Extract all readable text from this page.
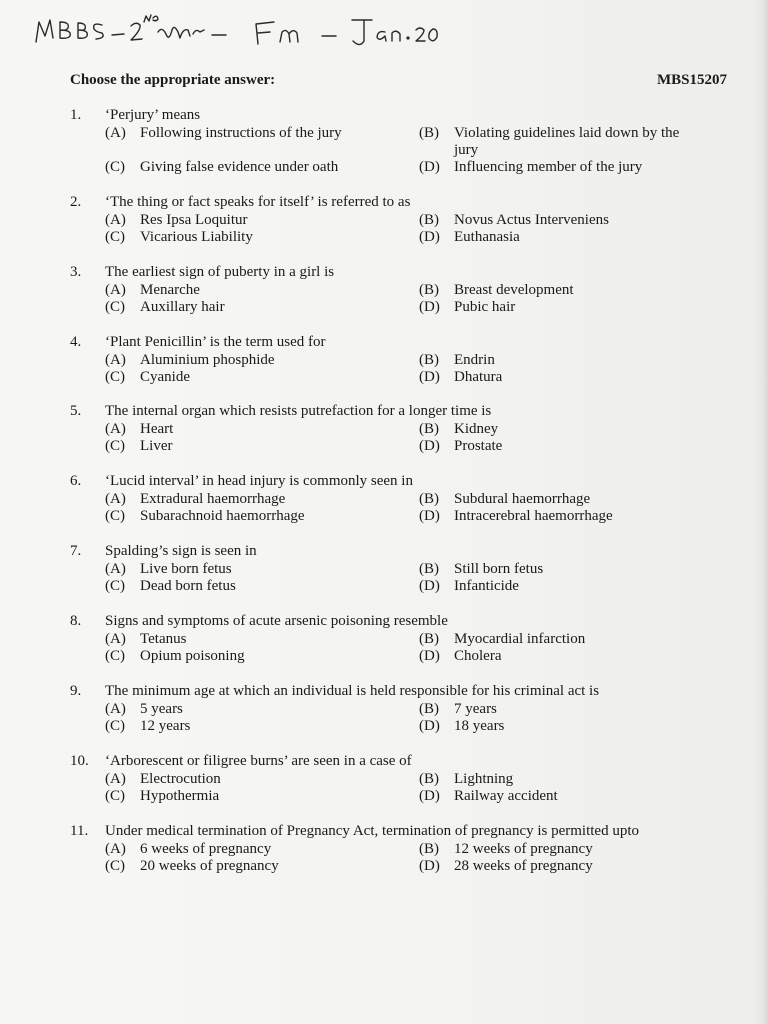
Choose the appropriate answer:	MBS15207
1.	‘Perjury’ means
(A) Following instructions of the jury	(B) Violating guidelines laid down by the jury
(C) Giving false evidence under oath	(D) Influencing member of the jury
2.	‘The thing or fact speaks for itself’ is referred to as
(A) Res Ipsa Loquitur	(B) Novus Actus Interveniens
(C) Vicarious Liability	(D) Euthanasia
3.	The earliest sign of puberty in a girl is
(A) Menarche	(B) Breast development
(C) Auxillary hair	(D) Pubic hair
4.	‘Plant Penicillin’ is the term used for
(A) Aluminium phosphide	(B) Endrin
(C) Cyanide	(D) Dhatura
5.	The internal organ which resists putrefaction for a longer time is
(A) Heart	(B) Kidney
(C) Liver	(D) Prostate
6.	‘Lucid interval’ in head injury is commonly seen in
(A) Extradural haemorrhage	(B) Subdural haemorrhage
(C) Subarachnoid haemorrhage	(D) Intracerebral haemorrhage
7.	Spalding’s sign is seen in
(A) Live born fetus	(B) Still born fetus
(C) Dead born fetus	(D) Infanticide
8.	Signs and symptoms of acute arsenic poisoning resemble
(A) Tetanus	(B) Myocardial infarction
(C) Opium poisoning	(D) Cholera
9.	The minimum age at which an individual is held responsible for his criminal act is
(A) 5 years	(B) 7 years
(C) 12 years	(D) 18 years
10.	‘Arborescent or filigree burns’ are seen in a case of
(A) Electrocution	(B) Lightning
(C) Hypothermia	(D) Railway accident
11.	Under medical termination of Pregnancy Act, termination of pregnancy is permitted upto
(A) 6 weeks of pregnancy	(B) 12 weeks of pregnancy
(C) 20 weeks of pregnancy	(D) 28 weeks of pregnancy
